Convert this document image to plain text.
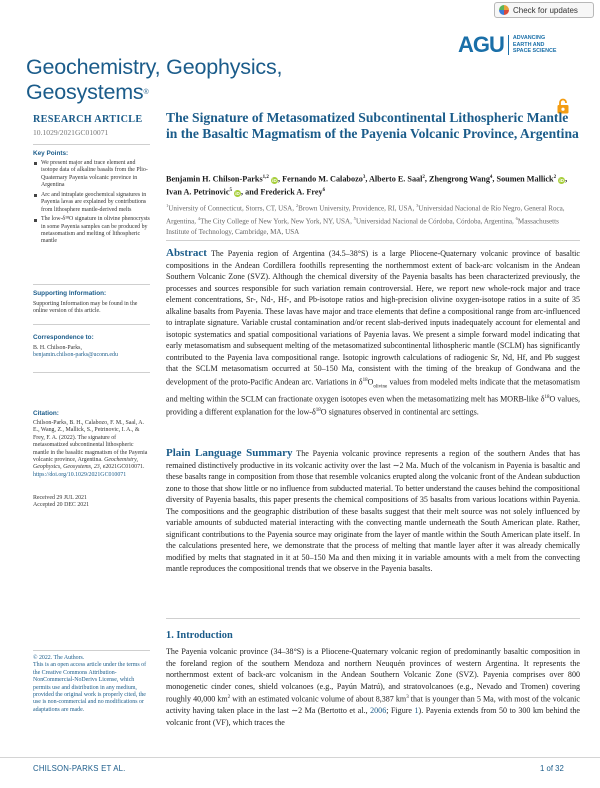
Check for updates
AGU ADVANCING
EARTH AND
SPACE SCIENCE
Geochemistry, Geophysics,
Geosystems®
RESEARCH ARTICLE
10.1029/2021GC010071
Key Points:
We present major and trace element and isotope data of alkaline basalts from the Plio-Quaternary Payenia volcanic province in Argentina
Arc and intraplate geochemical signatures in Payenia lavas are explained by contributions from lithosphere mantle-derived melts
The low-δ¹⁸O signature in olivine phenocrysts in some Payenia samples can be produced by metasomatism and melting of lithospheric mantle
Supporting Information:
Supporting Information may be found in the online version of this article.
Correspondence to:
B. H. Chilson-Parks,
benjamin.chilson-parks@uconn.edu
Citation:
Chilson-Parks, B. H., Calabozo, F. M., Saal, A. E., Wang, Z., Mallick, S., Petrinovic, I. A., & Frey, F. A. (2022). The signature of metasomatized subcontinental lithospheric mantle in the basaltic magmatism of the Payenia volcanic province, Argentina. Geochemistry, Geophysics, Geosystems, 23, e2021GC010071. https://doi.org/10.1029/2021GC010071
Received 29 JUL 2021
Accepted 20 DEC 2021
© 2022. The Authors.
This is an open access article under the terms of the Creative Commons Attribution-NonCommercial-NoDerivs License, which permits use and distribution in any medium, provided the original work is properly cited, the use is non-commercial and no modifications or adaptations are made.
The Signature of Metasomatized Subcontinental Lithospheric Mantle in the Basaltic Magmatism of the Payenia Volcanic Province, Argentina
Benjamin H. Chilson-Parks$^{1,2}$ iD, Fernando M. Calabozo$^3$, Alberto E. Saal$^2$, Zhengrong Wang$^4$, Soumen Mallick$^2$ iD, Ivan A. Petrinovic$^5$ iD, and Frederick A. Frey$^6$
$^1$University of Connecticut, Storrs, CT, USA, $^2$Brown University, Providence, RI, USA, $^3$Universidad Nacional de Río Negro, General Roca, Argentina, $^4$The City College of New York, New York, NY, USA, $^5$Universidad Nacional de Córdoba, Córdoba, Argentina, $^6$Massachusetts Institute of Technology, Cambridge, MA, USA
Abstract The Payenia region of Argentina (34.5–38°S) is a large Pliocene-Quaternary volcanic province of basaltic compositions in the Andean Cordillera foothills representing the northernmost extent of back-arc volcanism in the Andean Southern Volcanic Zone (SVZ). Although the chemical diversity of the Payenia basalts has been characterized previously, the processes and sources responsible for such variation remain controversial. Here, we report new whole-rock major and trace element concentrations, Sr-, Nd-, Hf-, and Pb-isotope ratios and high-precision olivine oxygen-isotope ratios in a suite of 35 alkaline basalts from Payenia. These lavas have major and trace elements that define a compositional range from arc-influenced to intraplate signature. Variable crustal contamination and/or recent slab-derived inputs inadequately account for elemental and isotopic systematics and spatial compositional variations of Payenia lavas. We present a simple forward model indicating that early metasomatism and subsequent melting of the metasomatized subcontinental lithospheric mantle (SCLM) has significantly contributed to the Payenia lava compositional range. Isotopic ingrowth calculations of radiogenic Sr, Nd, Hf, and Pb suggest that the SCLM metasomatism occurred at 50–150 Ma, consistent with the timing of the breakup of Gondwana and the development of the proto-Pacific Andean arc. Variations in $\delta^{18}O_{olivine}$ values from modeled melts indicate that the metasomatism and melting within the SCLM can fractionate oxygen isotopes even when the metasomatizing melt has MORB-like $\delta^{18}O$ values, providing a different explanation for the low-$\delta^{18}O$ signatures observed in continental arc settings.
Plain Language Summary The Payenia volcanic province represents a region of the southern Andes that has remained distinctively productive in its volcanic activity over the last ∼2 Ma. Much of the volcanism in Payenia is basaltic and these basalts range in composition from those that resemble volcanics erupted along the volcanic front of the Andean subduction zone to those that show little or no influence from subducted material. To better understand the causes behind the compositional diversity of Payenia basalts, this paper presents the chemical compositions of 35 basalts from various locations within Payenia. The compositions and the geographic distribution of these basalts suggest that their melt source was not solely influenced by variable amounts of subducted material interacting with the convecting mantle underneath the South American plate. Rather, significant contributions to the Payenia source may originate from the layer of mantle within the South American plate itself. In the calculations presented here, we demonstrate that the process of melting that mantle layer after it was already chemically modified by melts that stagnated in it at 50–150 Ma and then mixing it in variable amounts with a melt from the convecting mantle reproduces the compositional trends that we observe in the Payenia basalts.
1. Introduction
The Payenia volcanic province (34–38°S) is a Pliocene-Quaternary volcanic region of predominantly basaltic composition in the foreland region of the southern Mendoza and northern Neuquén provinces of western Argentina. It represents the northernmost extent of back-arc volcanism in the Andean Southern Volcanic Zone (SVZ). Payenia comprises over 800 monogenetic cinder cones, shield volcanoes (e.g., Payún Matrú), and stratovolcanoes (e.g., Nevado and Tromen) covering roughly 40,000 $km^2$ with an estimated volcanic volume of about 8,387 $km^3$ that is younger than 5 Ma, with most of the volcanic activity having taken place in the last ∼2 Ma (Bertotto et al., 2006; Figure 1). Payenia extends from 50 to 300 km behind the volcanic front (VF), which traces the
CHILSON-PARKS ET AL.	1 of 32
